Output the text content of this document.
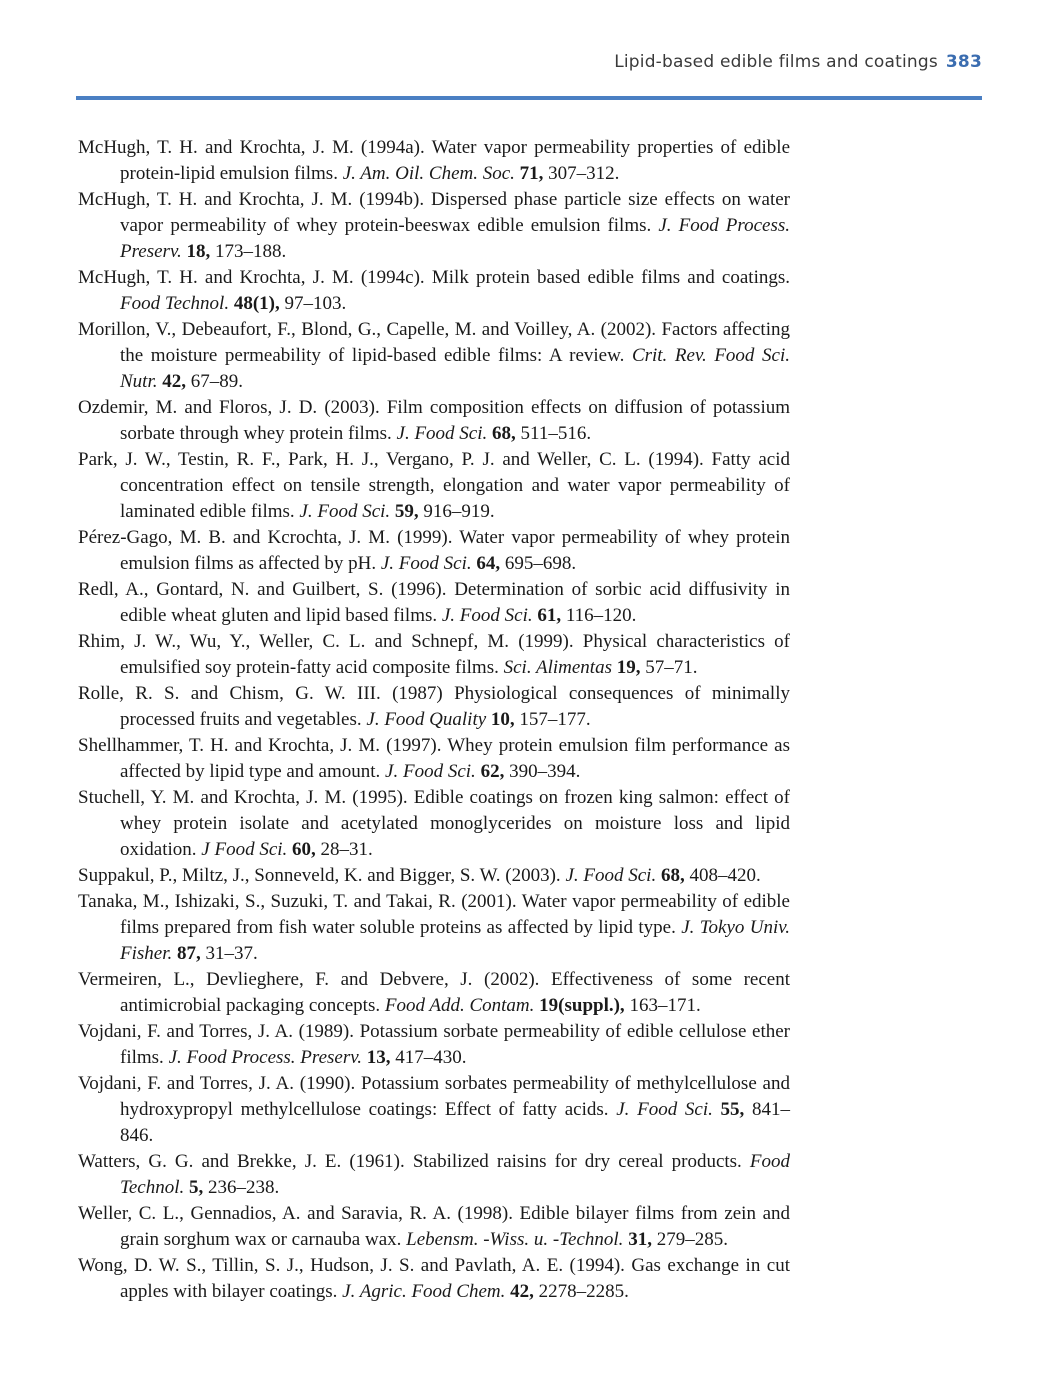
Lipid-based edible films and coatings 383

McHugh, T. H. and Krochta, J. M. (1994a). Water vapor permeability properties of edible protein-lipid emulsion films. J. Am. Oil. Chem. Soc. 71, 307–312.

McHugh, T. H. and Krochta, J. M. (1994b). Dispersed phase particle size effects on water vapor permeability of whey protein-beeswax edible emulsion films. J. Food Process. Preserv. 18, 173–188.

McHugh, T. H. and Krochta, J. M. (1994c). Milk protein based edible films and coatings. Food Technol. 48(1), 97–103.

Morillon, V., Debeaufort, F., Blond, G., Capelle, M. and Voilley, A. (2002). Factors affecting the moisture permeability of lipid-based edible films: A review. Crit. Rev. Food Sci. Nutr. 42, 67–89.

Ozdemir, M. and Floros, J. D. (2003). Film composition effects on diffusion of potassium sorbate through whey protein films. J. Food Sci. 68, 511–516.

Park, J. W., Testin, R. F., Park, H. J., Vergano, P. J. and Weller, C. L. (1994). Fatty acid concentration effect on tensile strength, elongation and water vapor permeability of laminated edible films. J. Food Sci. 59, 916–919.

Pérez-Gago, M. B. and Kcrochta, J. M. (1999). Water vapor permeability of whey protein emulsion films as affected by pH. J. Food Sci. 64, 695–698.

Redl, A., Gontard, N. and Guilbert, S. (1996). Determination of sorbic acid diffusivity in edible wheat gluten and lipid based films. J. Food Sci. 61, 116–120.

Rhim, J. W., Wu, Y., Weller, C. L. and Schnepf, M. (1999). Physical characteristics of emulsified soy protein-fatty acid composite films. Sci. Alimentas 19, 57–71.

Rolle, R. S. and Chism, G. W. III. (1987) Physiological consequences of minimally processed fruits and vegetables. J. Food Quality 10, 157–177.

Shellhammer, T. H. and Krochta, J. M. (1997). Whey protein emulsion film performance as affected by lipid type and amount. J. Food Sci. 62, 390–394.

Stuchell, Y. M. and Krochta, J. M. (1995). Edible coatings on frozen king salmon: effect of whey protein isolate and acetylated monoglycerides on moisture loss and lipid oxidation. J Food Sci. 60, 28–31.

Suppakul, P., Miltz, J., Sonneveld, K. and Bigger, S. W. (2003). J. Food Sci. 68, 408–420.

Tanaka, M., Ishizaki, S., Suzuki, T. and Takai, R. (2001). Water vapor permeability of edible films prepared from fish water soluble proteins as affected by lipid type. J. Tokyo Univ. Fisher. 87, 31–37.

Vermeiren, L., Devlieghere, F. and Debvere, J. (2002). Effectiveness of some recent antimicrobial packaging concepts. Food Add. Contam. 19(suppl.), 163–171.

Vojdani, F. and Torres, J. A. (1989). Potassium sorbate permeability of edible cellulose ether films. J. Food Process. Preserv. 13, 417–430.

Vojdani, F. and Torres, J. A. (1990). Potassium sorbates permeability of methylcellulose and hydroxypropyl methylcellulose coatings: Effect of fatty acids. J. Food Sci. 55, 841–846.

Watters, G. G. and Brekke, J. E. (1961). Stabilized raisins for dry cereal products. Food Technol. 5, 236–238.

Weller, C. L., Gennadios, A. and Saravia, R. A. (1998). Edible bilayer films from zein and grain sorghum wax or carnauba wax. Lebensm. -Wiss. u. -Technol. 31, 279–285.

Wong, D. W. S., Tillin, S. J., Hudson, J. S. and Pavlath, A. E. (1994). Gas exchange in cut apples with bilayer coatings. J. Agric. Food Chem. 42, 2278–2285.
